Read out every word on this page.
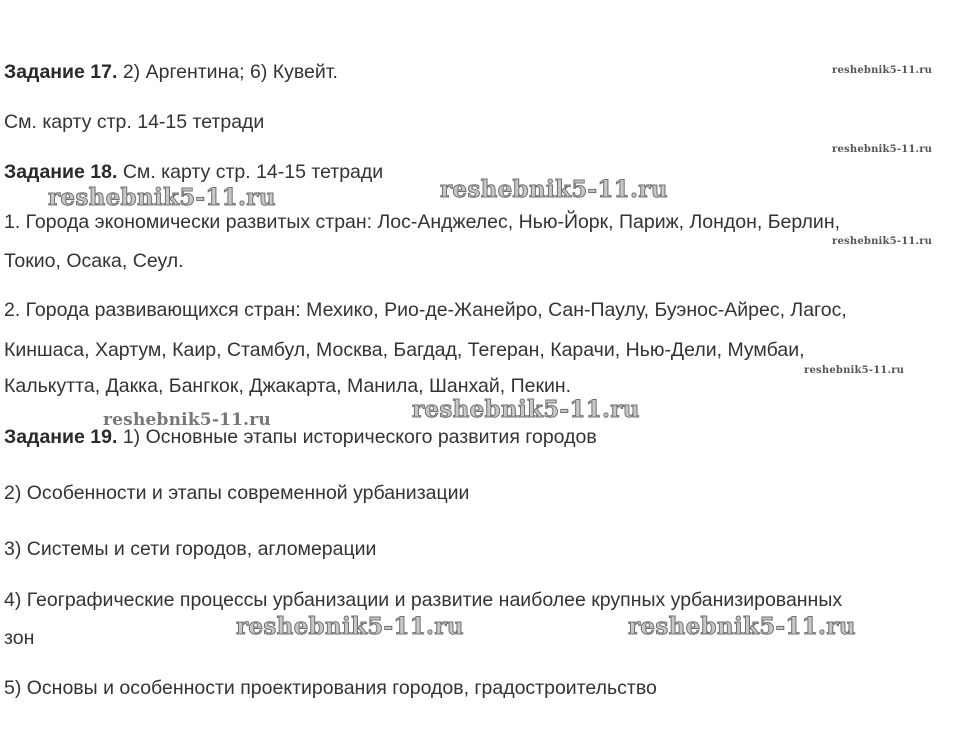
Задание 17. 2) Аргентина; 6) Кувейт.
См. карту стр. 14-15 тетради
Задание 18. См. карту стр. 14-15 тетради
1. Города экономически развитых стран: Лос-Анджелес, Нью-Йорк, Париж, Лондон, Берлин,
Токио, Осака, Сеул.
2. Города развивающихся стран: Мехико, Рио-де-Жанейро, Сан-Паулу, Буэнос-Айрес, Лагос,
Киншаса, Хартум, Каир, Стамбул, Москва, Багдад, Тегеран, Карачи, Нью-Дели, Мумбаи,
Калькутта, Дакка, Бангкок, Джакарта, Манила, Шанхай, Пекин.
Задание 19. 1) Основные этапы исторического развития городов
2) Особенности и этапы современной урбанизации
3) Системы и сети городов, агломерации
4) Географические процессы урбанизации и развитие наиболее крупных урбанизированных
зон
5) Основы и особенности проектирования городов, градостроительство
reshebnik5-11.ru
reshebnik5-11.ru
reshebnik5-11.ru
reshebnik5-11.ru
reshebnik5-11.ru	reshebnik5-11.ru
reshebnik5-11.ru
reshebnik5-11.ru
reshebnik5-11.ru	reshebnik5-11.ru
